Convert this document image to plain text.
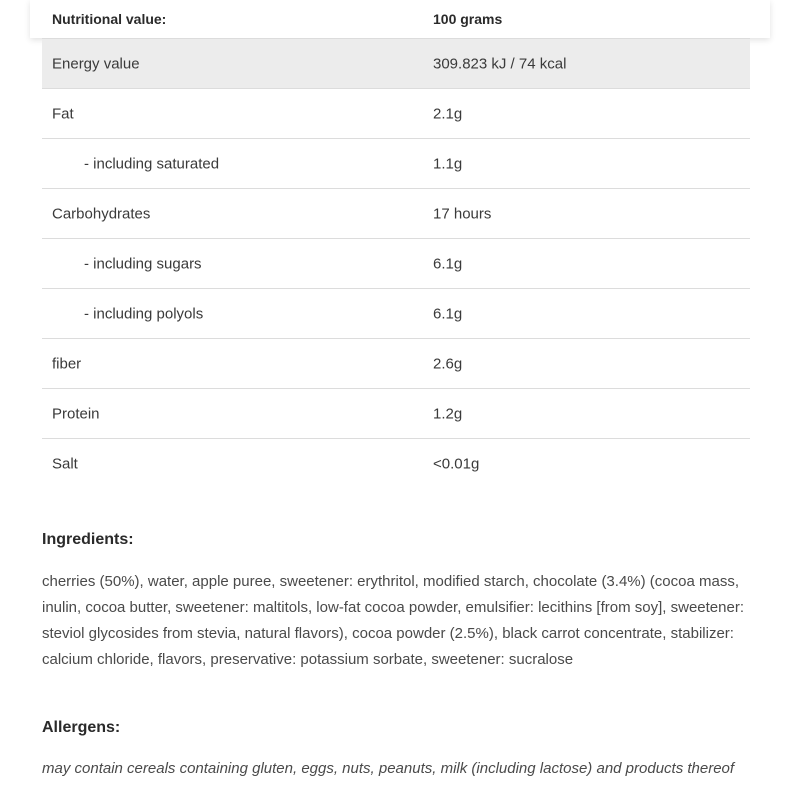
Nutritional value:	100 grams
Energy value	309.823 kJ / 74 kcal
Fat	2.1g
- including saturated	1.1g
Carbohydrates	17 hours
- including sugars	6.1g
- including polyols	6.1g
fiber	2.6g
Protein	1.2g
Salt	<0.01g
Ingredients:
cherries (50%), water, apple puree, sweetener: erythritol, modified starch, chocolate (3.4%) (cocoa mass, inulin, cocoa butter, sweetener: maltitols, low-fat cocoa powder, emulsifier: lecithins [from soy], sweetener: steviol glycosides from stevia, natural flavors), cocoa powder (2.5%), black carrot concentrate, stabilizer: calcium chloride, flavors, preservative: potassium sorbate, sweetener: sucralose
Allergens:
may contain cereals containing gluten, eggs, nuts, peanuts, milk (including lactose) and products thereof
